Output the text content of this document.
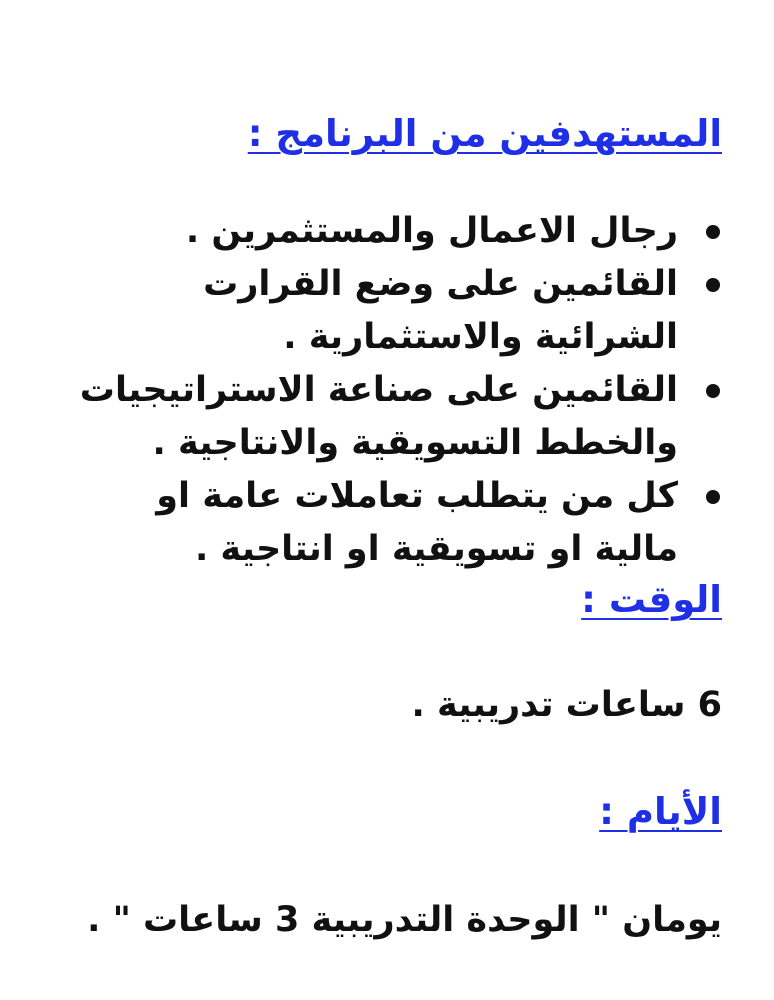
المستهدفين من البرنامج :
رجال الاعمال والمستثمرين .
القائمين على وضع القرارت الشرائية والاستثمارية .
القائمين على صناعة الاستراتيجيات والخطط التسويقية والانتاجية .
كل من يتطلب تعاملات عامة او مالية او تسويقية او انتاجية .
الوقت :
6 ساعات تدريبية .
الأيام :
يومان " الوحدة التدريبية 3 ساعات " .
